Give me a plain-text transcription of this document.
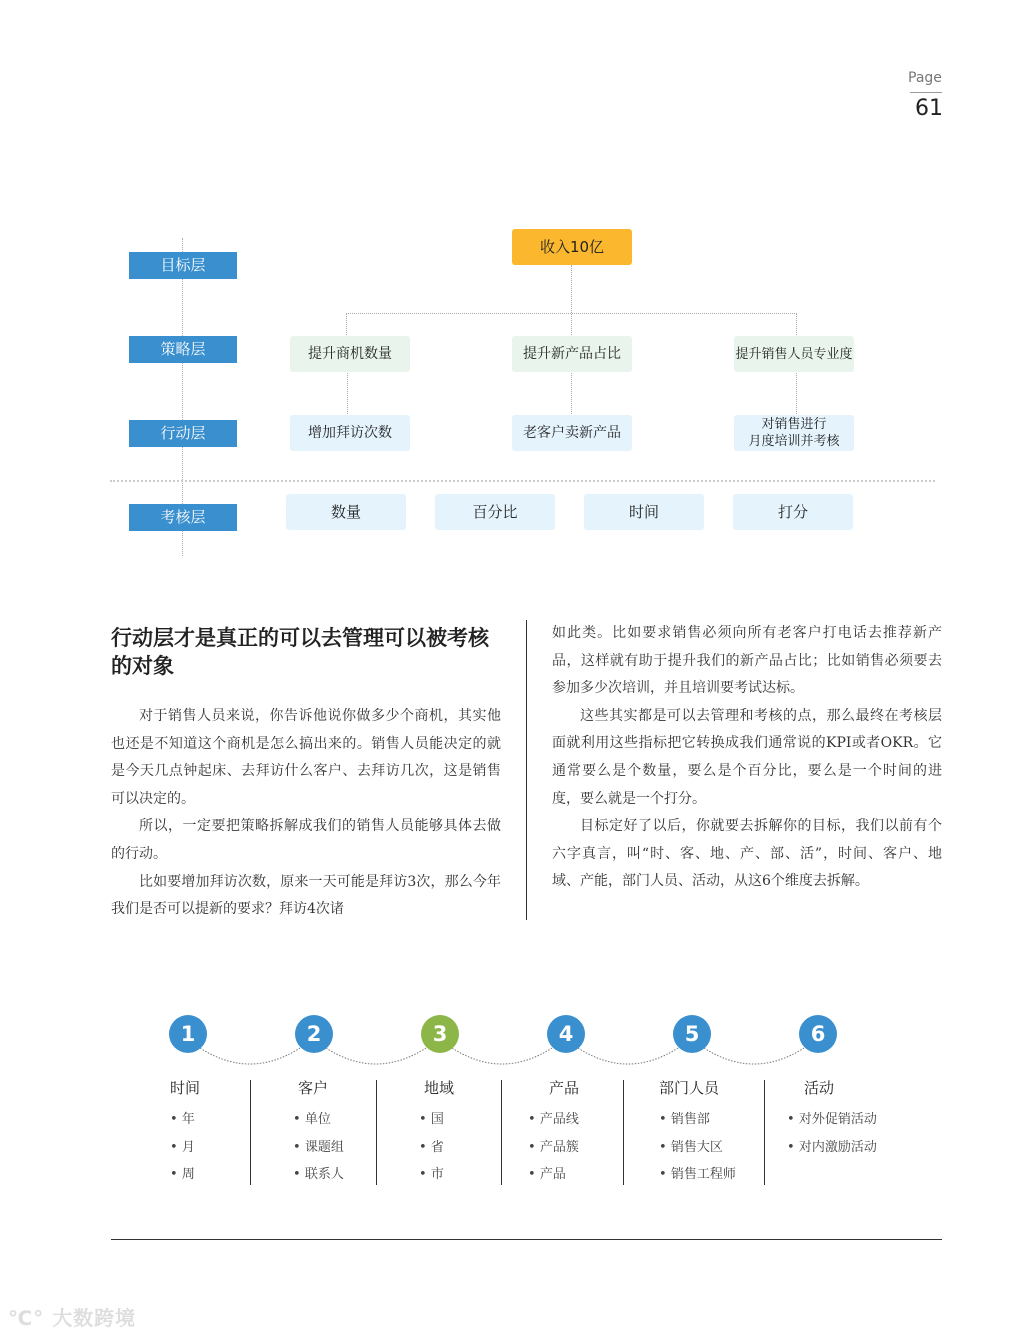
Page
61
目标层
策略层
行动层
考核层
收入10亿
提升商机数量	提升新产品占比	提升销售人员专业度
增加拜访次数	老客户卖新产品	对销售进行
月度培训并考核
数量	百分比	时间	打分
行动层才是真正的可以去管理可以被考核的对象

对于销售人员来说，你告诉他说你做多少个商机，其实他也还是不知道这个商机是怎么搞出来的。销售人员能决定的就是今天几点钟起床、去拜访什么客户、去拜访几次，这是销售可以决定的。

所以，一定要把策略拆解成我们的销售人员能够具体去做的行动。

比如要增加拜访次数，原来一天可能是拜访3次，那么今年我们是否可以提新的要求？拜访4次诸

如此类。比如要求销售必须向所有老客户打电话去推荐新产品，这样就有助于提升我们的新产品占比；比如销售必须要去参加多少次培训，并且培训要考试达标。

这些其实都是可以去管理和考核的点，那么最终在考核层面就利用这些指标把它转换成我们通常说的KPI或者OKR。它通常要么是个数量，要么是个百分比，要么是一个时间的进度，要么就是一个打分。

目标定好了以后，你就要去拆解你的目标，我们以前有个六字真言，叫“时、客、地、产、部、活”，时间、客户、地域、产能，部门人员、活动，从这6个维度去拆解。

1	2	3	4	5	6
时间
• 年
• 月
• 周
客户
• 单位
• 课题组
• 联系人
地域
• 国
• 省
• 市
产品
• 产品线
• 产品簇
• 产品
部门人员
• 销售部
• 销售大区
• 销售工程师
活动
• 对外促销活动
• 对内激励活动
℃° 大数跨境
